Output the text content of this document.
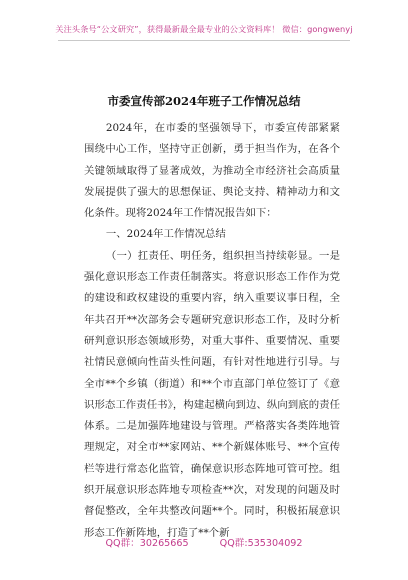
关注头条号“公文研究”，获得最新最全最专业的公文资料库！ 微信：gongwenyj
市委宣传部2024年班子工作情况总结

2024年，在市委的坚强领导下，市委宣传部紧紧围绕中心工作，坚持守正创新，勇于担当作为，在各个关键领域取得了显著成效，为推动全市经济社会高质量发展提供了强大的思想保证、舆论支持、精神动力和文化条件。现将2024年工作情况报告如下：

一、2024年工作情况总结

（一）扛责任、明任务，组织担当持续彰显。一是强化意识形态工作责任制落实。将意识形态工作作为党的建设和政权建设的重要内容，纳入重要议事日程，全年共召开**次部务会专题研究意识形态工作，及时分析研判意识形态领域形势，对重大事件、重要情况、重要社情民意倾向性苗头性问题，有针对性地进行引导。与全市**个乡镇（街道）和**个市直部门单位签订了《意识形态工作责任书》，构建起横向到边、纵向到底的责任体系。二是加强阵地建设与管理。严格落实各类阵地管理规定，对全市**家网站、**个新媒体账号、**个宣传栏等进行常态化监管，确保意识形态阵地可管可控。组织开展意识形态阵地专项检查**次，对发现的问题及时督促整改，全年共整改问题**个。同时，积极拓展意识形态工作新阵地，打造了**个新

QQ群：30265665	QQ群:535304092
